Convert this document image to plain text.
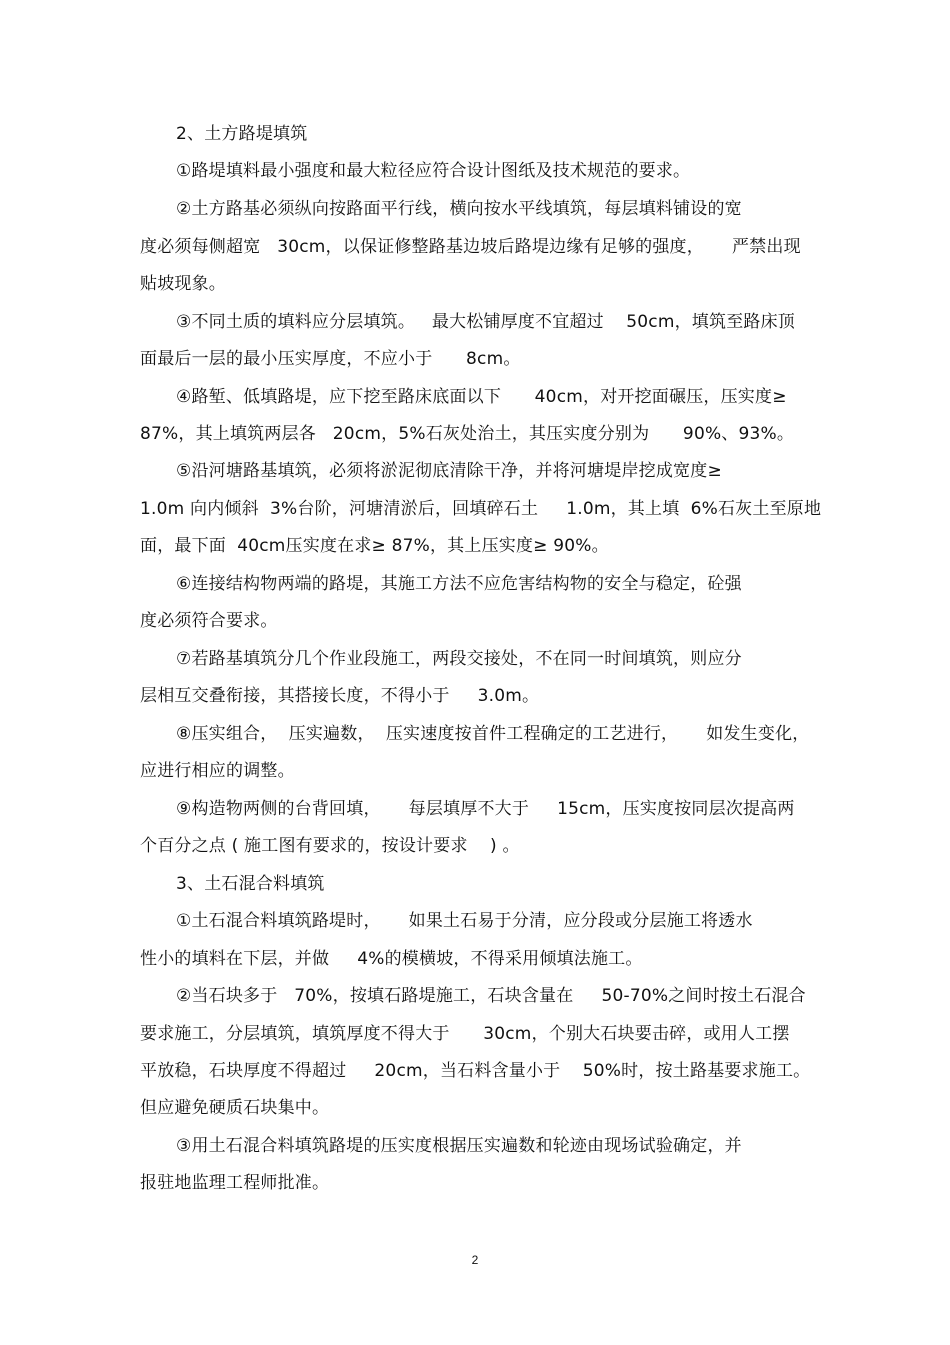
2、土方路堤填筑
①路堤填料最小强度和最大粒径应符合设计图纸及技术规范的要求。
②土方路基必须纵向按路面平行线，横向按水平线填筑，每层填料铺设的宽
度必须每侧超宽   30cm，以保证修整路基边坡后路堤边缘有足够的强度，     严禁出现
贴坡现象。
③不同土质的填料应分层填筑。   最大松铺厚度不宜超过    50cm，填筑至路床顶
面最后一层的最小压实厚度，不应小于      8cm。
④路堑、低填路堤，应下挖至路床底面以下      40cm，对开挖面碾压，压实度≥
87%，其上填筑两层各   20cm，5%石灰处治土，其压实度分别为      90%、93%。
⑤沿河塘路基填筑，必须将淤泥彻底清除干净，并将河塘堤岸挖成宽度≥
1.0m 向内倾斜  3%台阶，河塘清淤后，回填碎石土     1.0m，其上填  6%石灰土至原地
面，最下面  40cm压实度在求≥ 87%，其上压实度≥ 90%。
⑥连接结构物两端的路堤，其施工方法不应危害结构物的安全与稳定，砼强
度必须符合要求。
⑦若路基填筑分几个作业段施工，两段交接处，不在同一时间填筑，则应分
层相互交叠衔接，其搭接长度，不得小于     3.0m。
⑧压实组合，  压实遍数，  压实速度按首件工程确定的工艺进行，     如发生变化，
应进行相应的调整。
⑨构造物两侧的台背回填，     每层填厚不大于     15cm，压实度按同层次提高两
个百分之点 ( 施工图有要求的，按设计要求    ) 。
3、土石混合料填筑
①土石混合料填筑路堤时，     如果土石易于分清，应分段或分层施工将透水
性小的填料在下层，并做     4%的模横坡，不得采用倾填法施工。
②当石块多于   70%，按填石路堤施工，石块含量在     50-70%之间时按土石混合
要求施工，分层填筑，填筑厚度不得大于      30cm，个别大石块要击碎，或用人工摆
平放稳，石块厚度不得超过     20cm，当石料含量小于    50%时，按土路基要求施工。
但应避免硬质石块集中。
③用土石混合料填筑路堤的压实度根据压实遍数和轮迹由现场试验确定，并
报驻地监理工程师批准。
2
